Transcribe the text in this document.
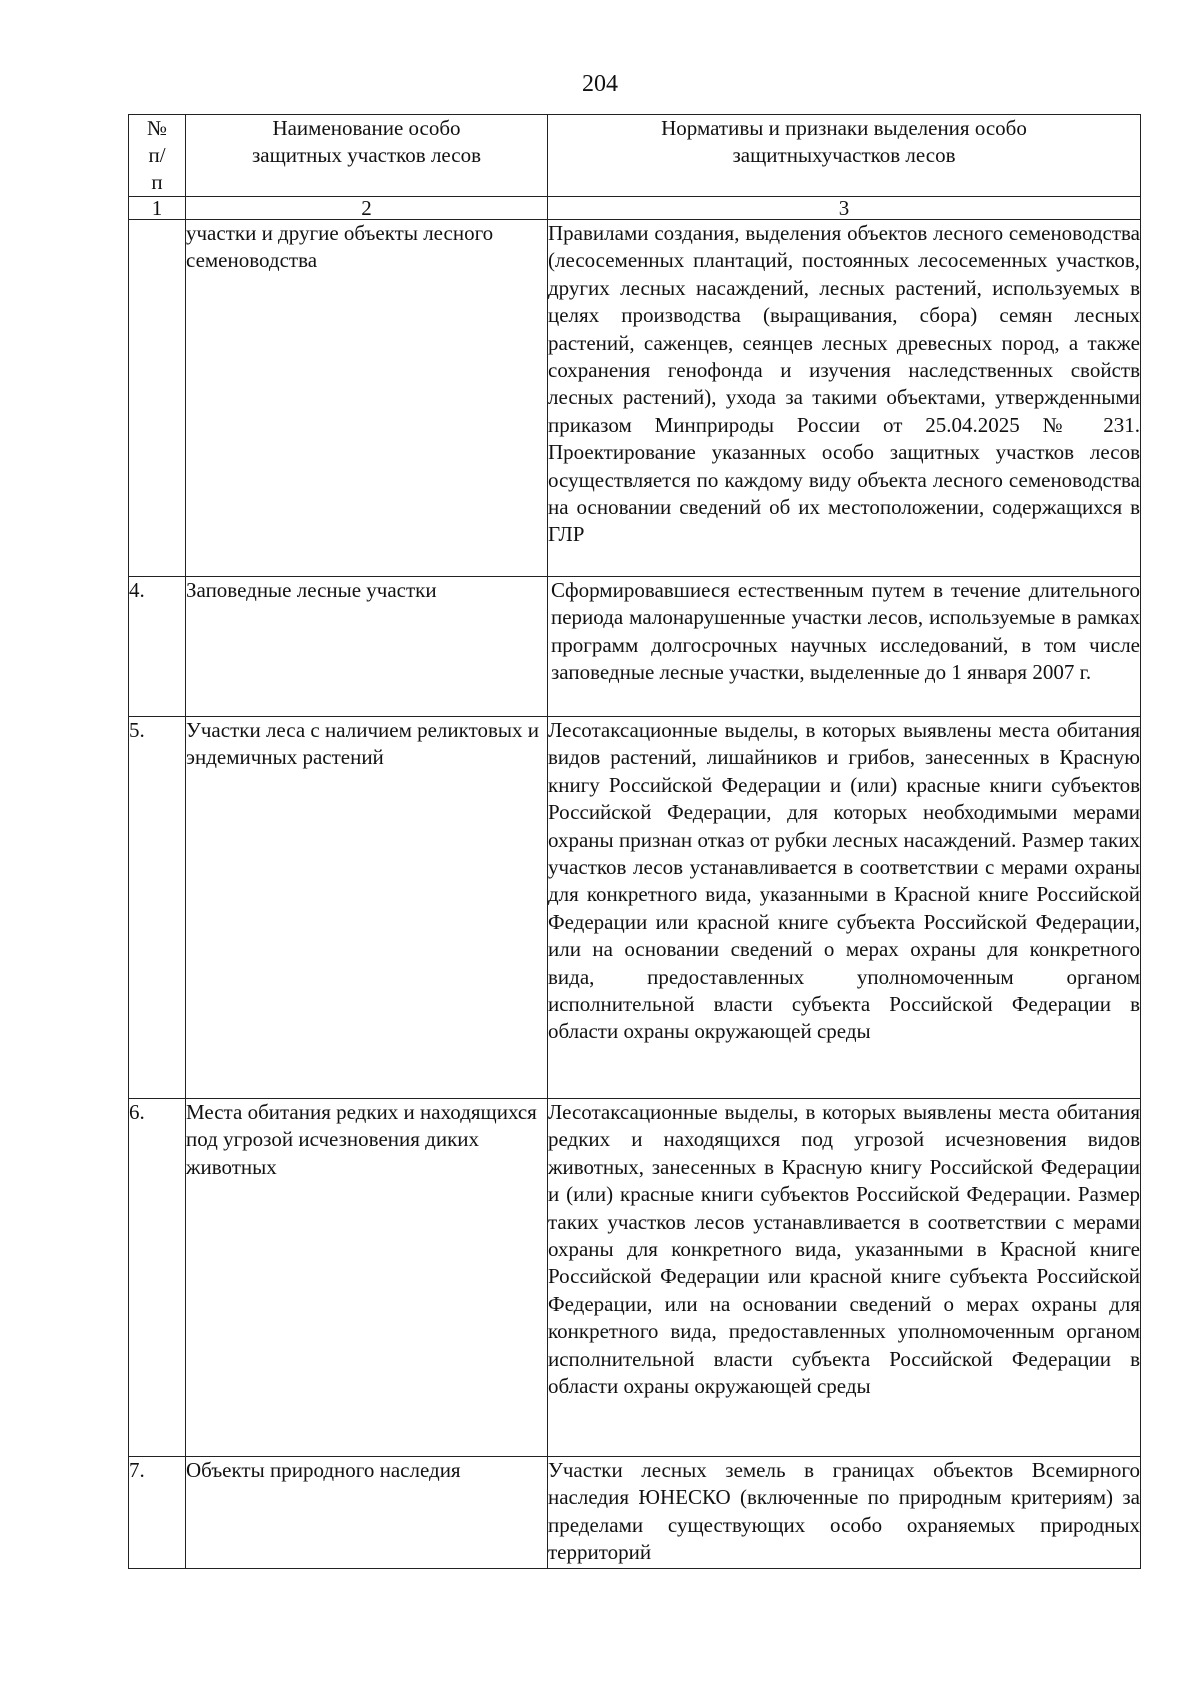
204
№
п/
п	Наименование особо защитных участков лесов	Нормативы и признаки выделения особо защитныхучастков лесов

1	2	3
	участки и другие объекты лесного семеноводства	Правилами создания, выделения объектов лесного семеноводства (лесосеменных плантаций, постоянных лесосеменных участков, других лесных насаждений, лесных растений, используемых в целях производства (выращивания, сбора) семян лесных растений, саженцев, сеянцев лесных древесных пород, а также сохранения генофонда и изучения наследственных свойств лесных растений), ухода за такими объектами, утвержденными приказом Минприроды России от 25.04.2025 № 231. Проектирование указанных особо защитных участков лесов осуществляется по каждому виду объекта лесного семеноводства на основании сведений об их местоположении, содержащихся в ГЛР
4.	Заповедные лесные участки	Сформировавшиеся естественным путем в течение длительного периода малонарушенные участки лесов, используемые в рамках программ долгосрочных научных исследований, в том числе заповедные лесные участки, выделенные до 1 января 2007 г.
5.	Участки леса с наличием реликтовых и эндемичных растений	Лесотаксационные выделы, в которых выявлены места обитания видов растений, лишайников и грибов, занесенных в Красную книгу Российской Федерации и (или) красные книги субъектов Российской Федерации, для которых необходимыми мерами охраны признан отказ от рубки лесных насаждений. Размер таких участков лесов устанавливается в соответствии с мерами охраны для конкретного вида, указанными в Красной книге Российской Федерации или красной книге субъекта Российской Федерации, или на основании сведений о мерах охраны для конкретного вида, предоставленных уполномоченным органом исполнительной власти субъекта Российской Федерации в области охраны окружающей среды
6.	Места обитания редких и находящихся под угрозой исчезновения диких животных	Лесотаксационные выделы, в которых выявлены места обитания редких и находящихся под угрозой исчезновения видов животных, занесенных в Красную книгу Российской Федерации и (или) красные книги субъектов Российской Федерации. Размер таких участков лесов устанавливается в соответствии с мерами охраны для конкретного вида, указанными в Красной книге Российской Федерации или красной книге субъекта Российской Федерации, или на основании сведений о мерах охраны для конкретного вида, предоставленных уполномоченным органом исполнительной власти субъекта Российской Федерации в области охраны окружающей среды
7.	Объекты природного наследия	Участки лесных земель в границах объектов Всемирного наследия ЮНЕСКО (включенные по природным критериям) за пределами существующих особо охраняемых природных территорий
